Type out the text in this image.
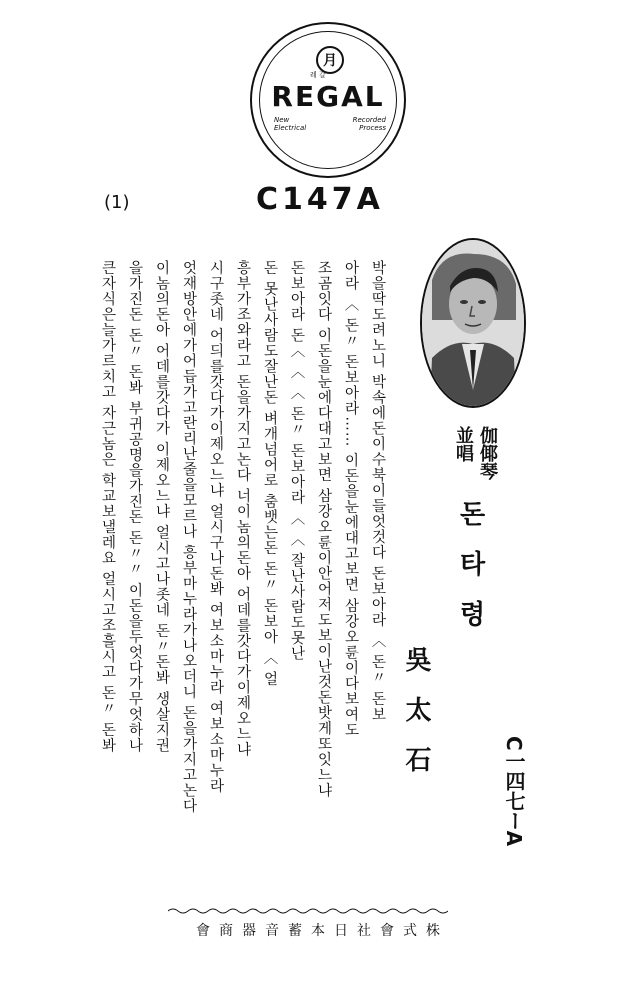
레 갈
月
REGAL
New Electrical
Recorded Process
(1)	C147A
伽倻琴
並唱
돈타령
吳太石	C一四七ーA
박을딱도려노니 박속에돈이수북이들엇것다 돈보아라 〈 돈〃 돈보
아라 〈 돈〃 돈보아라…… 이돈을눈에대고보면 삼강오륜이다보여도
조곰잇다 이돈을눈에다대고보면 삼강오륜이안어저도보이난것돈밧게또잇느냐
돈보아라 돈〈 〈 〈 돈〃 돈보아라 〈 〈 잘난사람도못난
돈 못난사람도잘난돈 벼개넘어로 춤뱃는돈 돈〃 돈보아 〈 얼
흥부가조와라고 돈을가지고논다 너이놈의돈아 어데를갓다가이제오느냐
시구좃네 어듸를갓다가이제오느냐 얼시구나돈봐 여보소마누라 여보소마누라
엇재방안에가어듭가고란리난줄을모르나 흥부마누라가나오더니 돈을가지고논다
이놈의돈아 어데를갓다가 이제오느냐 얼시고나좃네 돈〃돈봐 생살지권
을가진돈 돈〃 돈봐 부귀공명을가진돈 돈〃〃 이돈을두엇다가무엇하나
큰자식은늘가르치고 자근놈은 학교보낼레요 얼시고조흘시고 돈〃 돈봐
會商器音蓄本日社會式株
